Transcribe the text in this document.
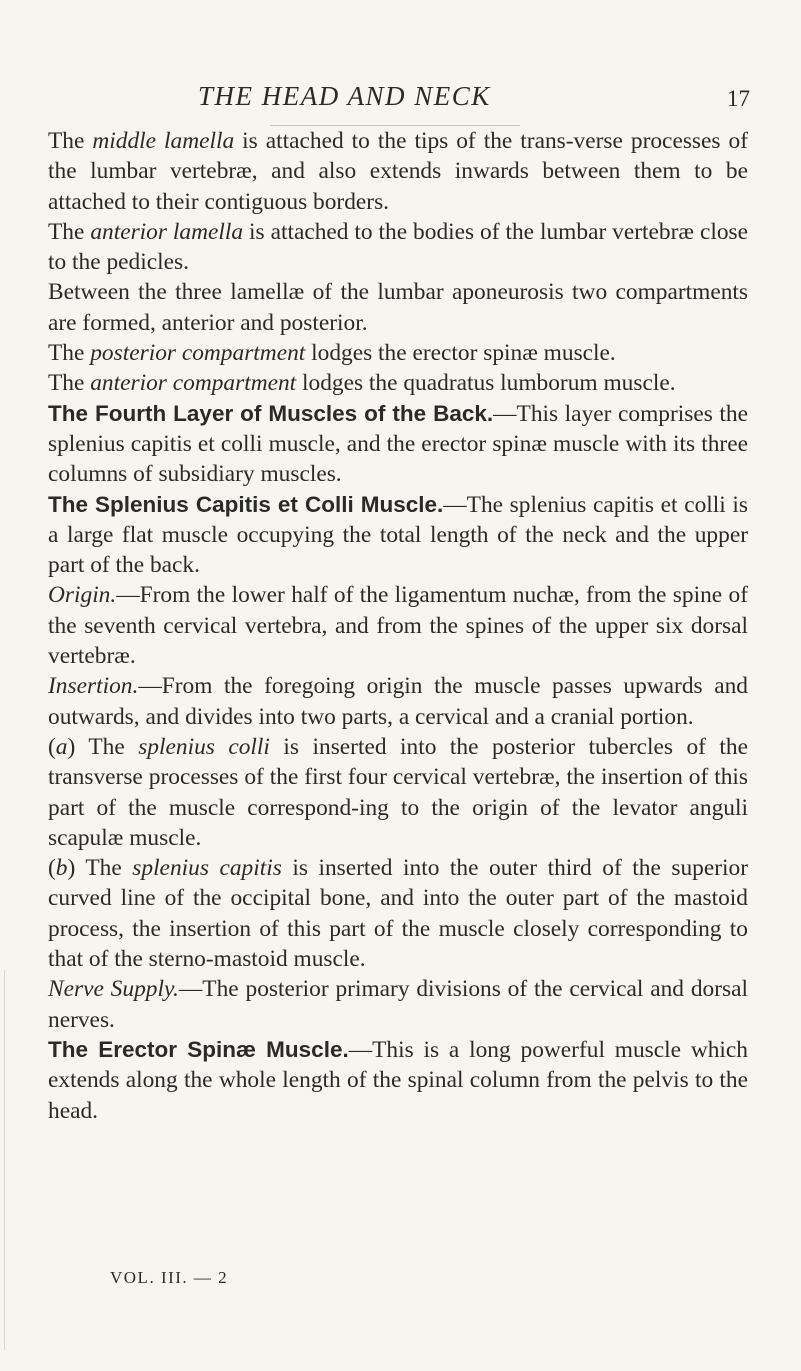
THE HEAD AND NECK	17

The middle lamella is attached to the tips of the trans-verse processes of the lumbar vertebræ, and also extends inwards between them to be attached to their contiguous borders.

The anterior lamella is attached to the bodies of the lumbar vertebræ close to the pedicles.

Between the three lamellæ of the lumbar aponeurosis two compartments are formed, anterior and posterior.

The posterior compartment lodges the erector spinæ muscle.

The anterior compartment lodges the quadratus lumborum muscle.

The Fourth Layer of Muscles of the Back.—This layer comprises the splenius capitis et colli muscle, and the erector spinæ muscle with its three columns of subsidiary muscles.

The Splenius Capitis et Colli Muscle.—The splenius capitis et colli is a large flat muscle occupying the total length of the neck and the upper part of the back.

Origin.—From the lower half of the ligamentum nuchæ, from the spine of the seventh cervical vertebra, and from the spines of the upper six dorsal vertebræ.

Insertion.—From the foregoing origin the muscle passes upwards and outwards, and divides into two parts, a cervical and a cranial portion.

(a) The splenius colli is inserted into the posterior tubercles of the transverse processes of the first four cervical vertebræ, the insertion of this part of the muscle correspond-ing to the origin of the levator anguli scapulæ muscle.

(b) The splenius capitis is inserted into the outer third of the superior curved line of the occipital bone, and into the outer part of the mastoid process, the insertion of this part of the muscle closely corresponding to that of the sterno-mastoid muscle.

Nerve Supply.—The posterior primary divisions of the cervical and dorsal nerves.

The Erector Spinæ Muscle.—This is a long powerful muscle which extends along the whole length of the spinal column from the pelvis to the head.

VOL. III. — 2
